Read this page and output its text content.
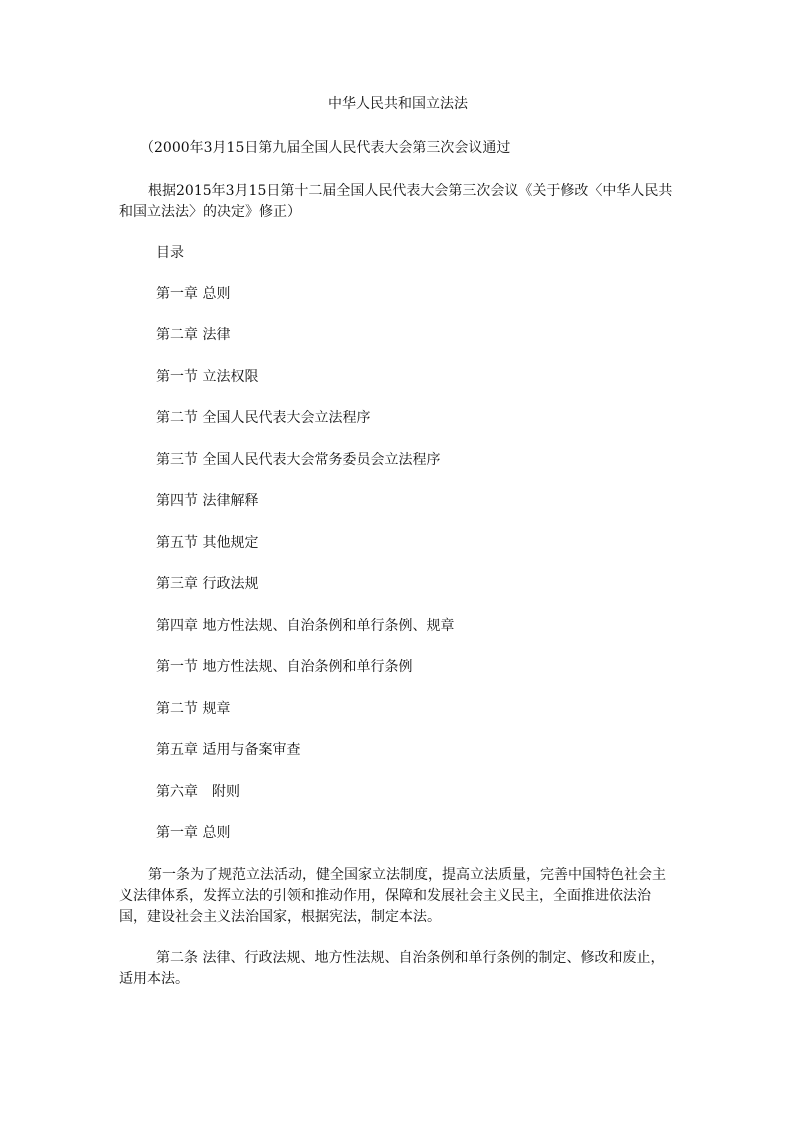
中华人民共和国立法法

（2000年3月15日第九届全国人民代表大会第三次会议通过

根据2015年3月15日第十二届全国人民代表大会第三次会议《关于修改〈中华人民共和国立法法〉的决定》修正）

目录

第一章 总则

第二章 法律

第一节 立法权限

第二节 全国人民代表大会立法程序

第三节 全国人民代表大会常务委员会立法程序

第四节 法律解释

第五节 其他规定

第三章 行政法规

第四章 地方性法规、自治条例和单行条例、规章

第一节 地方性法规、自治条例和单行条例

第二节 规章

第五章 适用与备案审查

第六章　附则

第一章 总则

第一条为了规范立法活动，健全国家立法制度，提高立法质量，完善中国特色社会主义法律体系，发挥立法的引领和推动作用，保障和发展社会主义民主，全面推进依法治国，建设社会主义法治国家，根据宪法，制定本法。

第二条 法律、行政法规、地方性法规、自治条例和单行条例的制定、修改和废止，适用本法。
